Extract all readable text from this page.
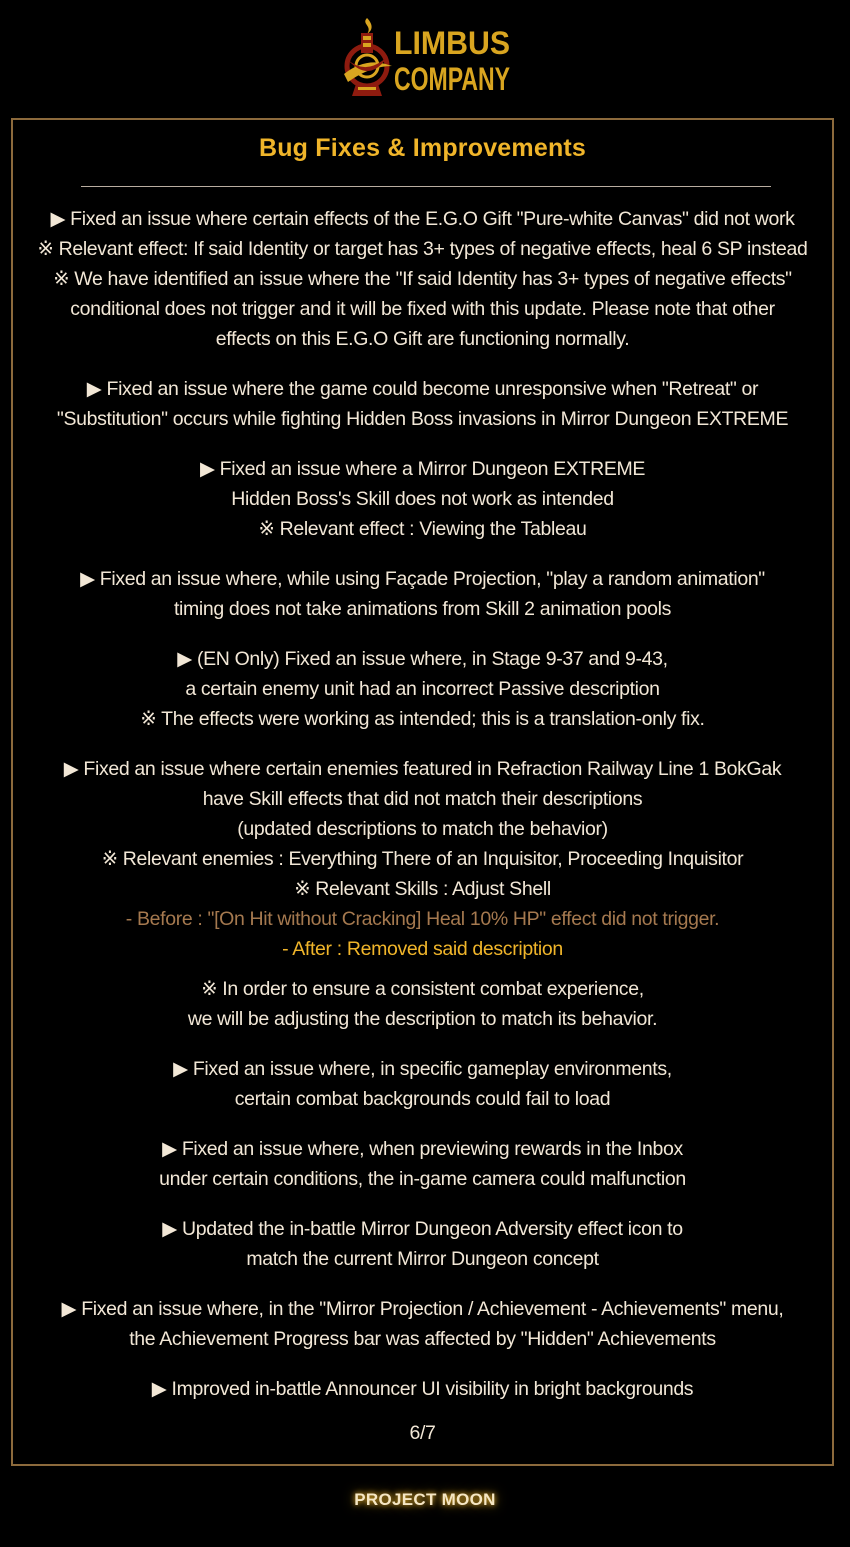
LIMBUS
COMPANY
Bug Fixes & Improvements
▶ Fixed an issue where certain effects of the E.G.O Gift "Pure-white Canvas" did not work
※ Relevant effect: If said Identity or target has 3+ types of negative effects, heal 6 SP instead
※ We have identified an issue where the "If said Identity has 3+ types of negative effects"
conditional does not trigger and it will be fixed with this update. Please note that other
effects on this E.G.O Gift are functioning normally.
▶ Fixed an issue where the game could become unresponsive when "Retreat" or
"Substitution" occurs while fighting Hidden Boss invasions in Mirror Dungeon EXTREME
▶ Fixed an issue where a Mirror Dungeon EXTREME
Hidden Boss's Skill does not work as intended
※ Relevant effect : Viewing the Tableau
▶ Fixed an issue where, while using Façade Projection, "play a random animation"
timing does not take animations from Skill 2 animation pools
▶ (EN Only) Fixed an issue where, in Stage 9-37 and 9-43,
a certain enemy unit had an incorrect Passive description
※ The effects were working as intended; this is a translation-only fix.
▶ Fixed an issue where certain enemies featured in Refraction Railway Line 1 BokGak
have Skill effects that did not match their descriptions
(updated descriptions to match the behavior)
※ Relevant enemies : Everything There of an Inquisitor, Proceeding Inquisitor
※ Relevant Skills : Adjust Shell
- Before : "[On Hit without Cracking] Heal 10% HP" effect did not trigger.
- After : Removed said description
※ In order to ensure a consistent combat experience,
we will be adjusting the description to match its behavior.
▶ Fixed an issue where, in specific gameplay environments,
certain combat backgrounds could fail to load
▶ Fixed an issue where, when previewing rewards in the Inbox
under certain conditions, the in-game camera could malfunction
▶ Updated the in-battle Mirror Dungeon Adversity effect icon to
match the current Mirror Dungeon concept
▶ Fixed an issue where, in the "Mirror Projection / Achievement - Achievements" menu,
the Achievement Progress bar was affected by "Hidden" Achievements
▶ Improved in-battle Announcer UI visibility in bright backgrounds
6/7
PROJECT MOON
